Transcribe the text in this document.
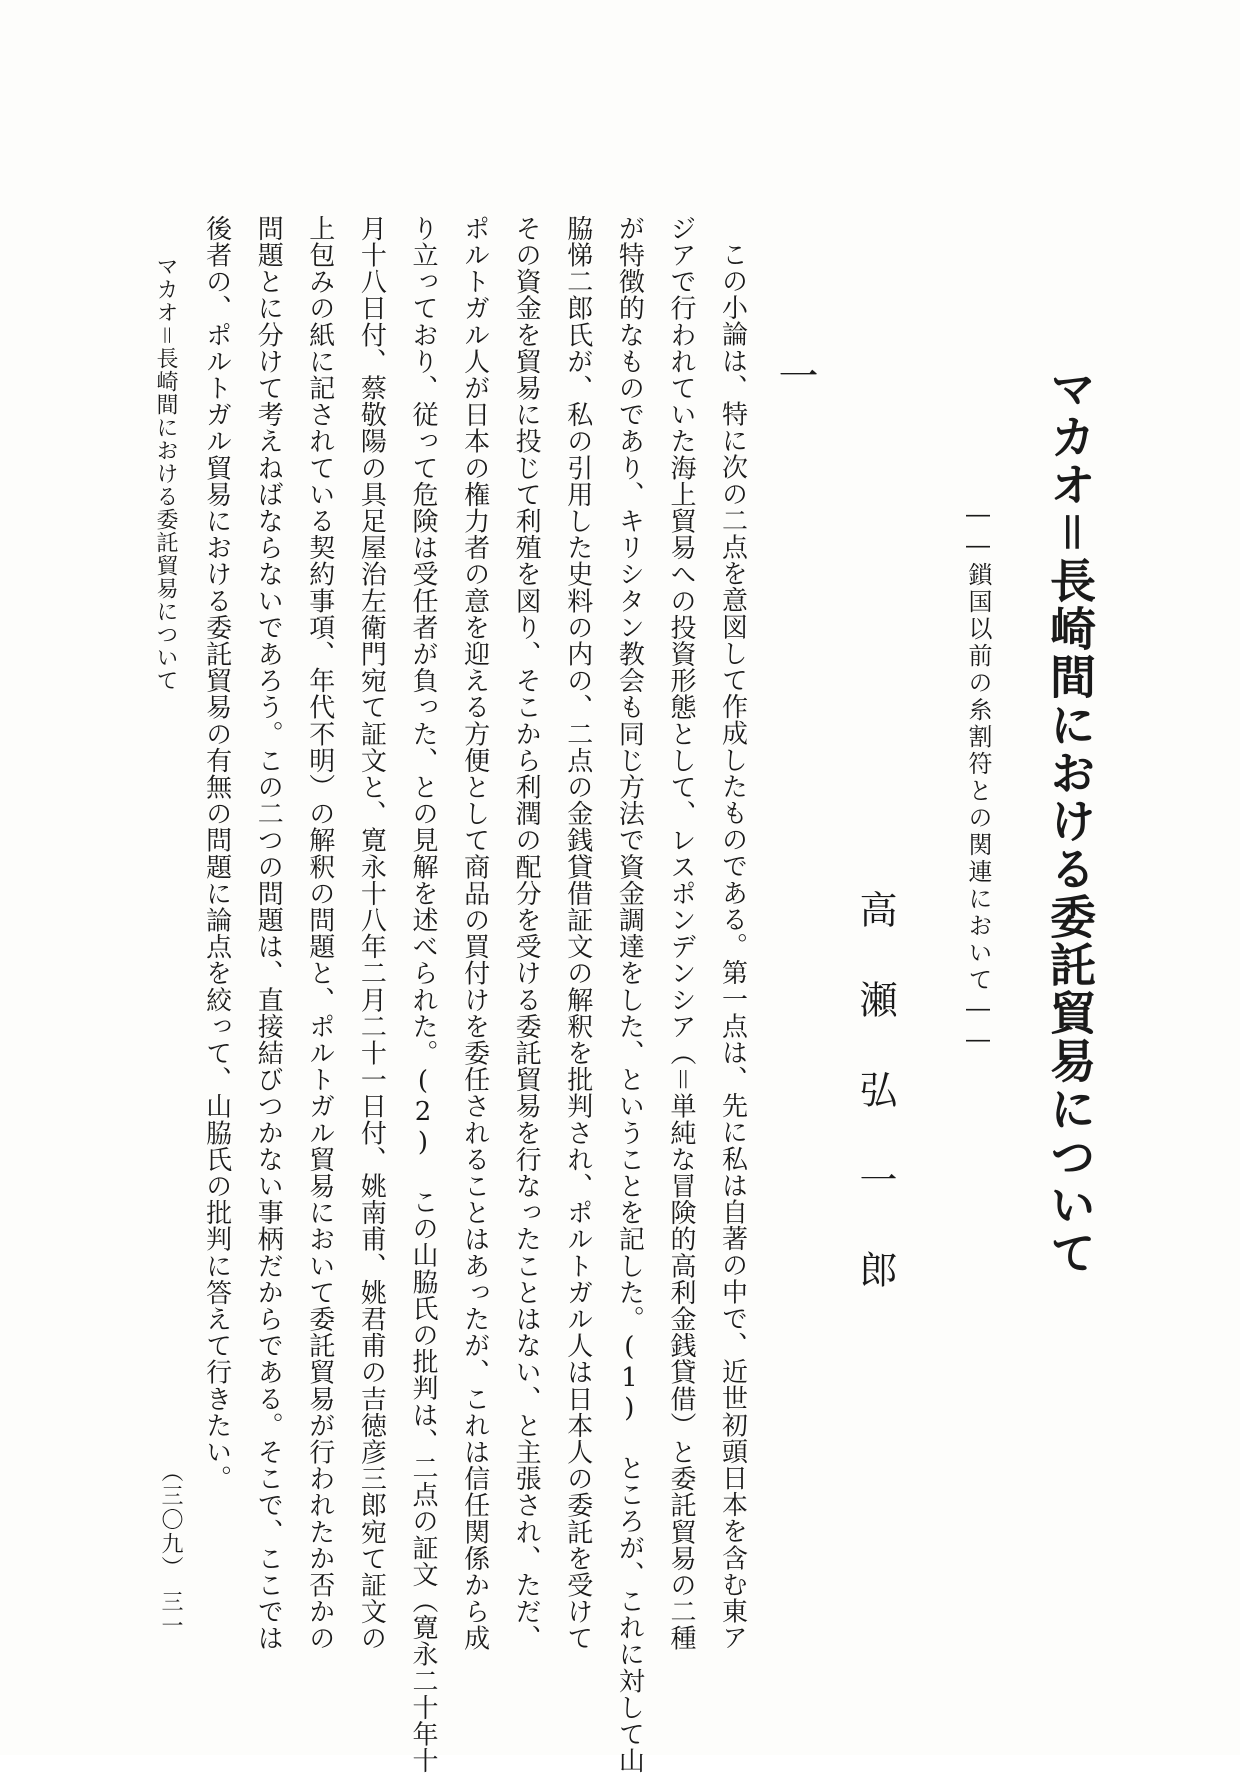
マカオ＝長崎間における委託貿易について
――鎖国以前の糸割符との関連において――
高瀬弘一郎
一
この小論は、特に次の二点を意図して作成したものである。第一点は、先に私は自著の中で、近世初頭日本を含む東ア
ジアで行われていた海上貿易への投資形態として、レスポンデンシア（＝単純な冒険的高利金銭貸借）と委託貿易の二種
が特徴的なものであり、キリシタン教会も同じ方法で資金調達をした、ということを記した。(1) ところが、これに対して山
脇悌二郎氏が、私の引用した史料の内の、二点の金銭貸借証文の解釈を批判され、ポルトガル人は日本人の委託を受けて
その資金を貿易に投じて利殖を図り、そこから利潤の配分を受ける委託貿易を行なったことはない、と主張され、ただ、
ポルトガル人が日本の権力者の意を迎える方便として商品の買付けを委任されることはあったが、これは信任関係から成
り立っており、従って危険は受任者が負った、との見解を述べられた。(2) この山脇氏の批判は、二点の証文（寛永二十年十
月十八日付、蔡敬陽の具足屋治左衛門宛て証文と、寛永十八年二月二十一日付、姚南甫、姚君甫の吉徳彦三郎宛て証文の
上包みの紙に記されている契約事項、年代不明）の解釈の問題と、ポルトガル貿易において委託貿易が行われたか否かの
問題とに分けて考えねばならないであろう。この二つの問題は、直接結びつかない事柄だからである。そこで、ここでは
後者の、ポルトガル貿易における委託貿易の有無の問題に論点を絞って、山脇氏の批判に答えて行きたい。
（三〇九）
三一
マカオ＝長崎間における委託貿易について
